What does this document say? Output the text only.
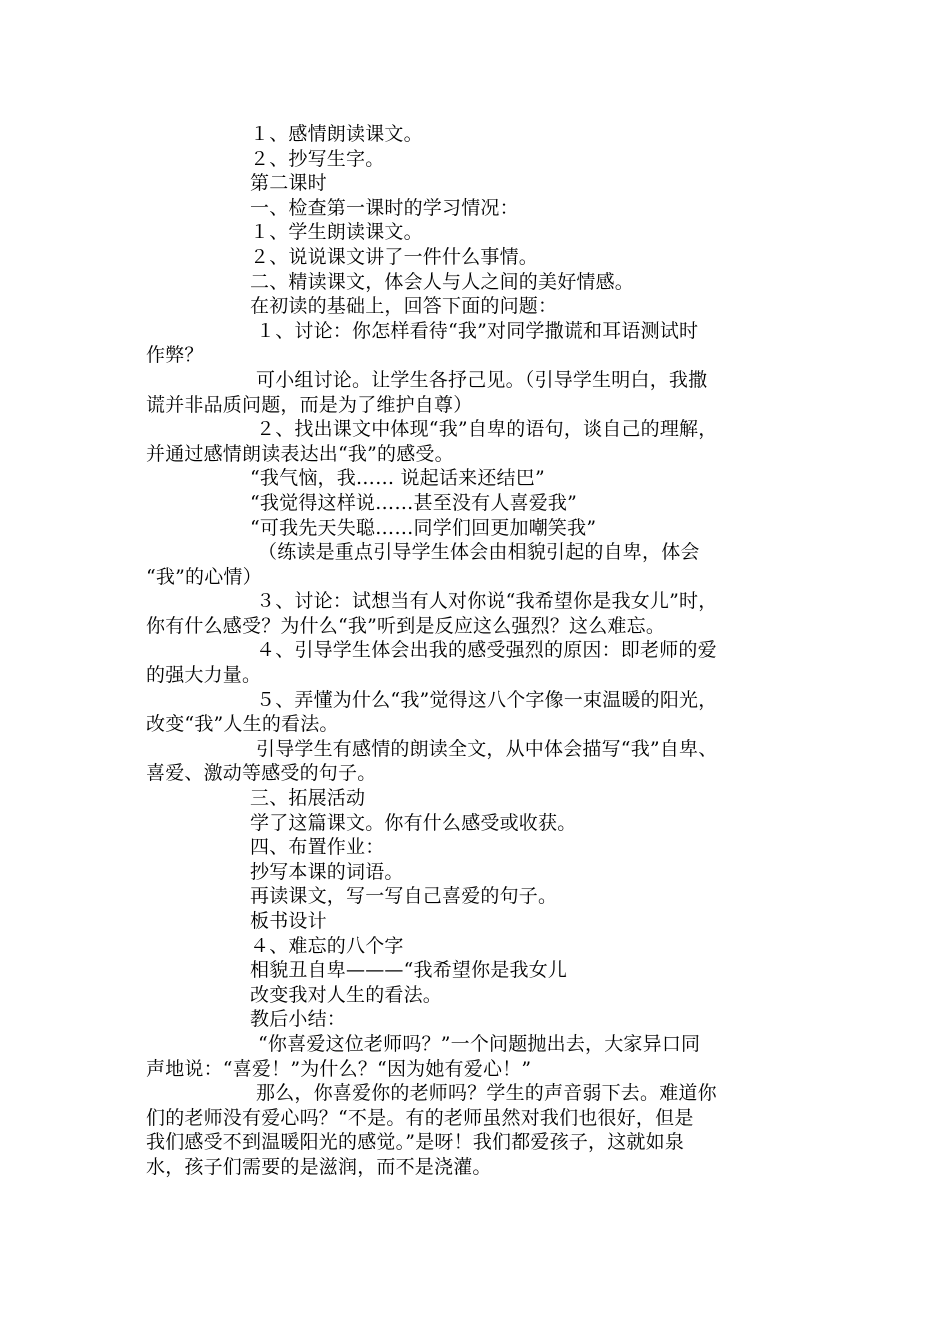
１、感情朗读课文。
２、抄写生字。
第二课时
一、检查第一课时的学习情况：
１、学生朗读课文。
２、说说课文讲了一件什么事情。
二、精读课文，体会人与人之间的美好情感。
在初读的基础上，回答下面的问题：
１、讨论：你怎样看待“我”对同学撒谎和耳语测试时
作弊？
可小组讨论。让学生各抒己见。（引导学生明白，我撒
谎并非品质问题，而是为了维护自尊）
２、找出课文中体现“我”自卑的语句，谈自己的理解，
并通过感情朗读表达出“我”的感受。
“我气恼，我…… 说起话来还结巴”
“我觉得这样说……甚至没有人喜爱我”
“可我先天失聪……同学们回更加嘲笑我”
（练读是重点引导学生体会由相貌引起的自卑，体会
“我”的心情）
３、讨论：试想当有人对你说“我希望你是我女儿”时，
你有什么感受？为什么“我”听到是反应这么强烈？这么难忘。
４、引导学生体会出我的感受强烈的原因：即老师的爱
的强大力量。
５、弄懂为什么“我”觉得这八个字像一束温暖的阳光，
改变“我”人生的看法。
引导学生有感情的朗读全文，从中体会描写“我”自卑、
喜爱、激动等感受的句子。
三、拓展活动
学了这篇课文。你有什么感受或收获。
四、布置作业：
抄写本课的词语。
再读课文，写一写自己喜爱的句子。
板书设计
４、难忘的八个字
相貌丑自卑———“我希望你是我女儿
改变我对人生的看法。
教后小结：
“你喜爱这位老师吗？”一个问题抛出去，大家异口同
声地说：“喜爱！”为什么？“因为她有爱心！”
那么，你喜爱你的老师吗？学生的声音弱下去。难道你
们的老师没有爱心吗？“不是。有的老师虽然对我们也很好，但是
我们感受不到温暖阳光的感觉。”是呀！我们都爱孩子，这就如泉
水，孩子们需要的是滋润，而不是浇灌。
